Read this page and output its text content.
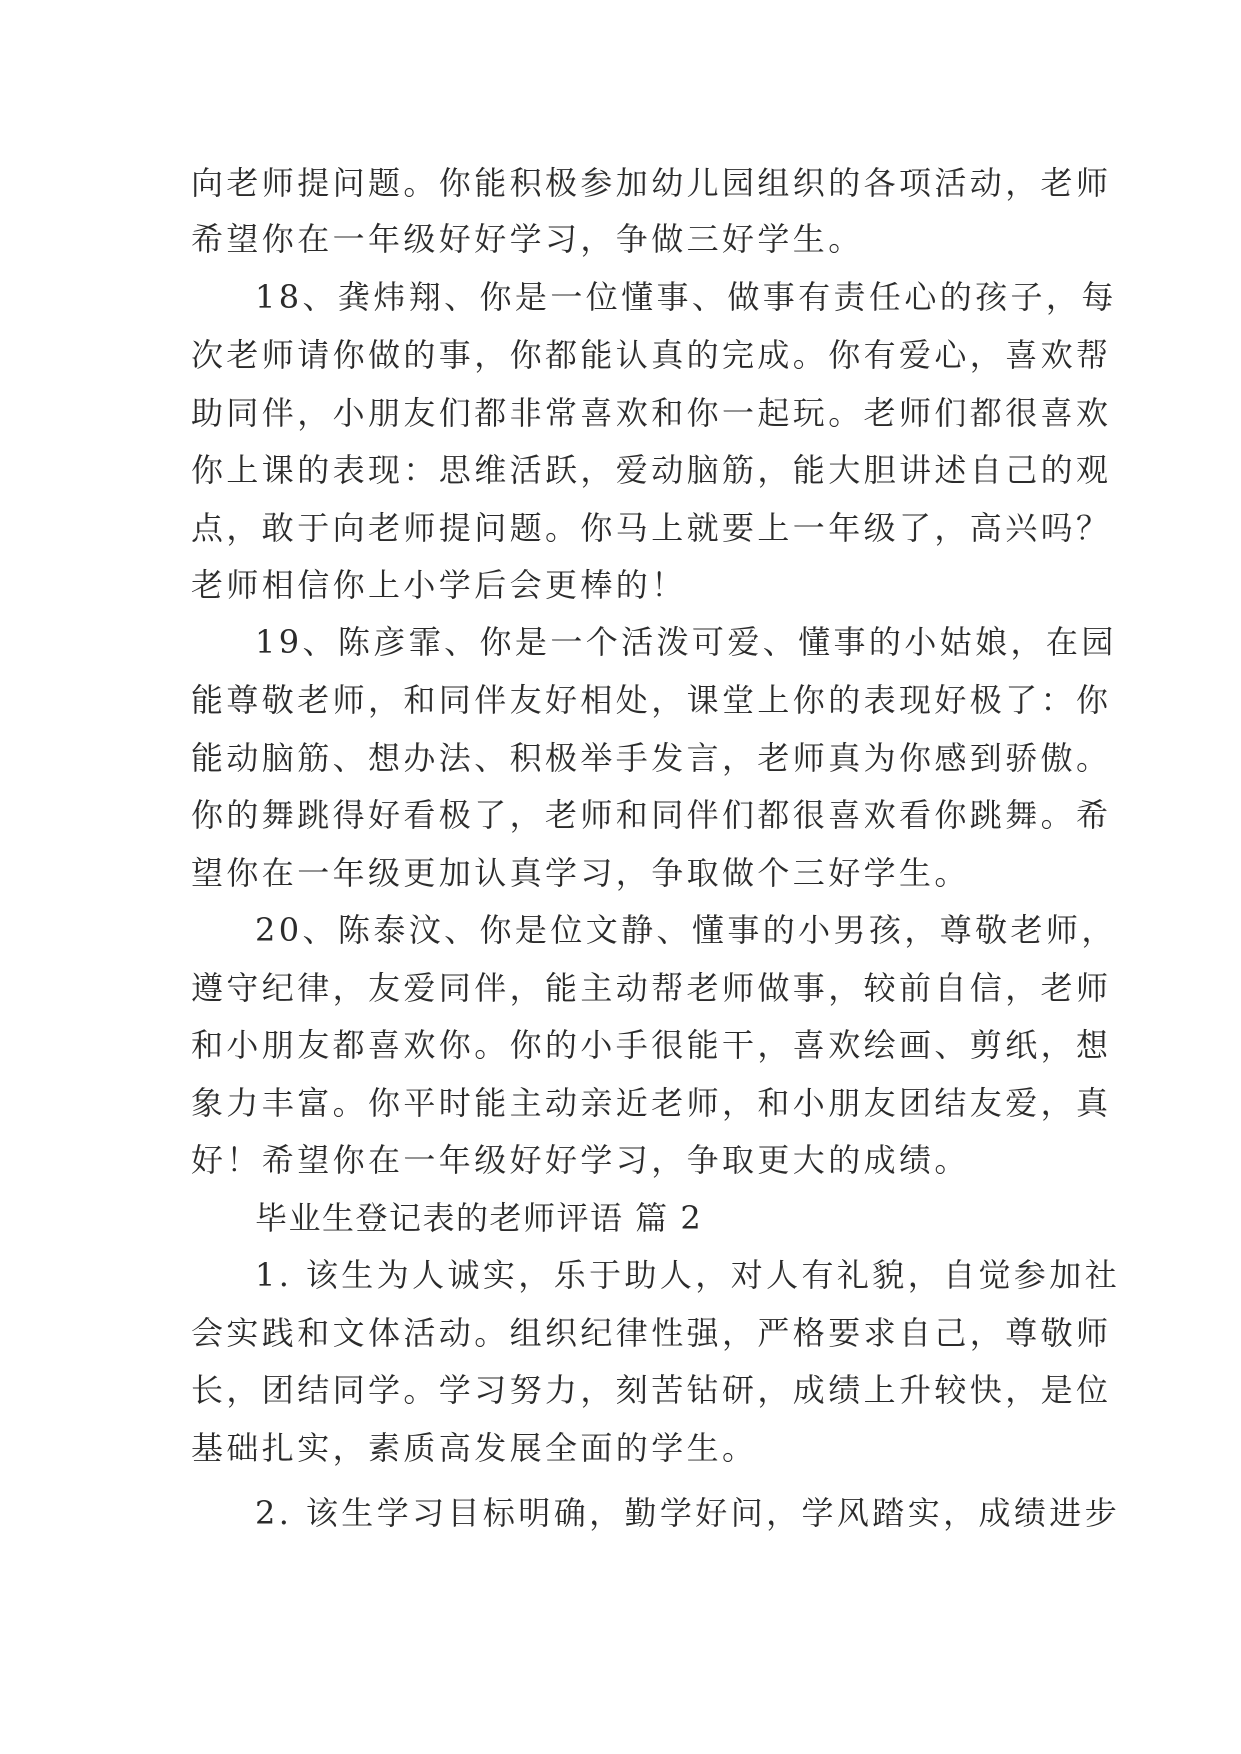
向老师提问题。你能积极参加幼儿园组织的各项活动，老师
希望你在一年级好好学习，争做三好学生。
18、龚炜翔、你是一位懂事、做事有责任心的孩子，每
次老师请你做的事，你都能认真的完成。你有爱心，喜欢帮
助同伴，小朋友们都非常喜欢和你一起玩。老师们都很喜欢
你上课的表现：思维活跃，爱动脑筋，能大胆讲述自己的观
点，敢于向老师提问题。你马上就要上一年级了，高兴吗？
老师相信你上小学后会更棒的！
19、陈彦霏、你是一个活泼可爱、懂事的小姑娘，在园
能尊敬老师，和同伴友好相处，课堂上你的表现好极了：你
能动脑筋、想办法、积极举手发言，老师真为你感到骄傲。
你的舞跳得好看极了，老师和同伴们都很喜欢看你跳舞。希
望你在一年级更加认真学习，争取做个三好学生。
20、陈泰汶、你是位文静、懂事的小男孩，尊敬老师，
遵守纪律，友爱同伴，能主动帮老师做事，较前自信，老师
和小朋友都喜欢你。你的小手很能干，喜欢绘画、剪纸，想
象力丰富。你平时能主动亲近老师，和小朋友团结友爱，真
好！希望你在一年级好好学习，争取更大的成绩。
毕业生登记表的老师评语 篇 2
1. 该生为人诚实，乐于助人，对人有礼貌，自觉参加社
会实践和文体活动。组织纪律性强，严格要求自己，尊敬师
长，团结同学。学习努力，刻苦钻研，成绩上升较快，是位
基础扎实，素质高发展全面的学生。
2. 该生学习目标明确，勤学好问，学风踏实，成绩进步
